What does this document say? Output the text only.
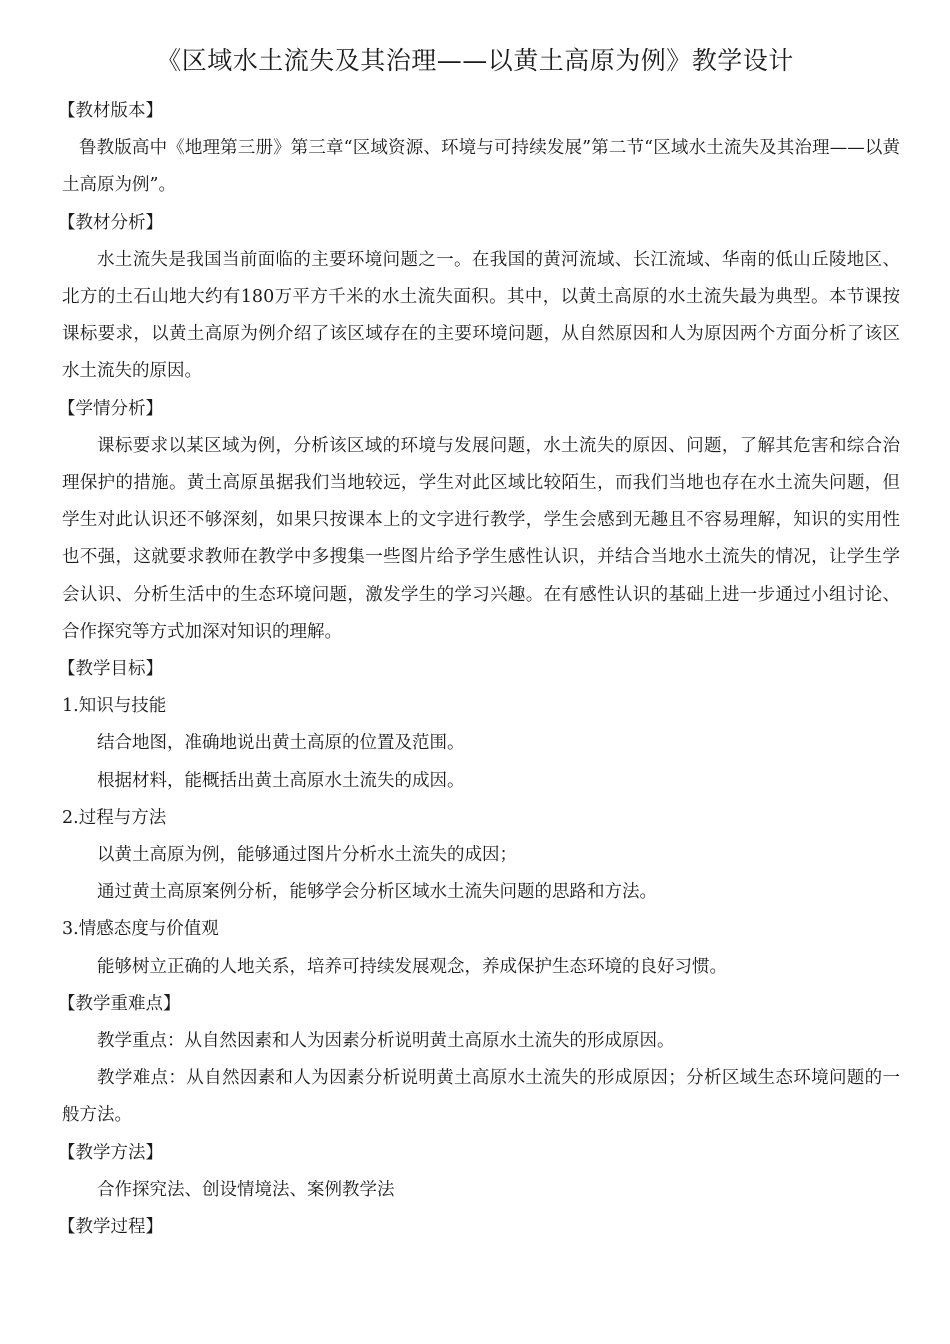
《区域水土流失及其治理——以黄土高原为例》教学设计

【教材版本】

鲁教版高中《地理第三册》第三章“区域资源、环境与可持续发展”第二节“区域水土流失及其治理——以黄土高原为例”。

【教材分析】

水土流失是我国当前面临的主要环境问题之一。在我国的黄河流域、长江流域、华南的低山丘陵地区、北方的土石山地大约有180万平方千米的水土流失面积。其中，以黄土高原的水土流失最为典型。本节课按课标要求，以黄土高原为例介绍了该区域存在的主要环境问题，从自然原因和人为原因两个方面分析了该区水土流失的原因。

【学情分析】

课标要求以某区域为例，分析该区域的环境与发展问题，水土流失的原因、问题，了解其危害和综合治理保护的措施。黄土高原虽据我们当地较远，学生对此区域比较陌生，而我们当地也存在水土流失问题，但学生对此认识还不够深刻，如果只按课本上的文字进行教学，学生会感到无趣且不容易理解，知识的实用性也不强，这就要求教师在教学中多搜集一些图片给予学生感性认识，并结合当地水土流失的情况，让学生学会认识、分析生活中的生态环境问题，激发学生的学习兴趣。在有感性认识的基础上进一步通过小组讨论、合作探究等方式加深对知识的理解。

【教学目标】

1.知识与技能

结合地图，准确地说出黄土高原的位置及范围。

根据材料，能概括出黄土高原水土流失的成因。

2.过程与方法

以黄土高原为例，能够通过图片分析水土流失的成因；

通过黄土高原案例分析，能够学会分析区域水土流失问题的思路和方法。

3.情感态度与价值观

能够树立正确的人地关系，培养可持续发展观念，养成保护生态环境的良好习惯。

【教学重难点】

教学重点：从自然因素和人为因素分析说明黄土高原水土流失的形成原因。

教学难点：从自然因素和人为因素分析说明黄土高原水土流失的形成原因；分析区域生态环境问题的一般方法。

【教学方法】

合作探究法、创设情境法、案例教学法

【教学过程】
